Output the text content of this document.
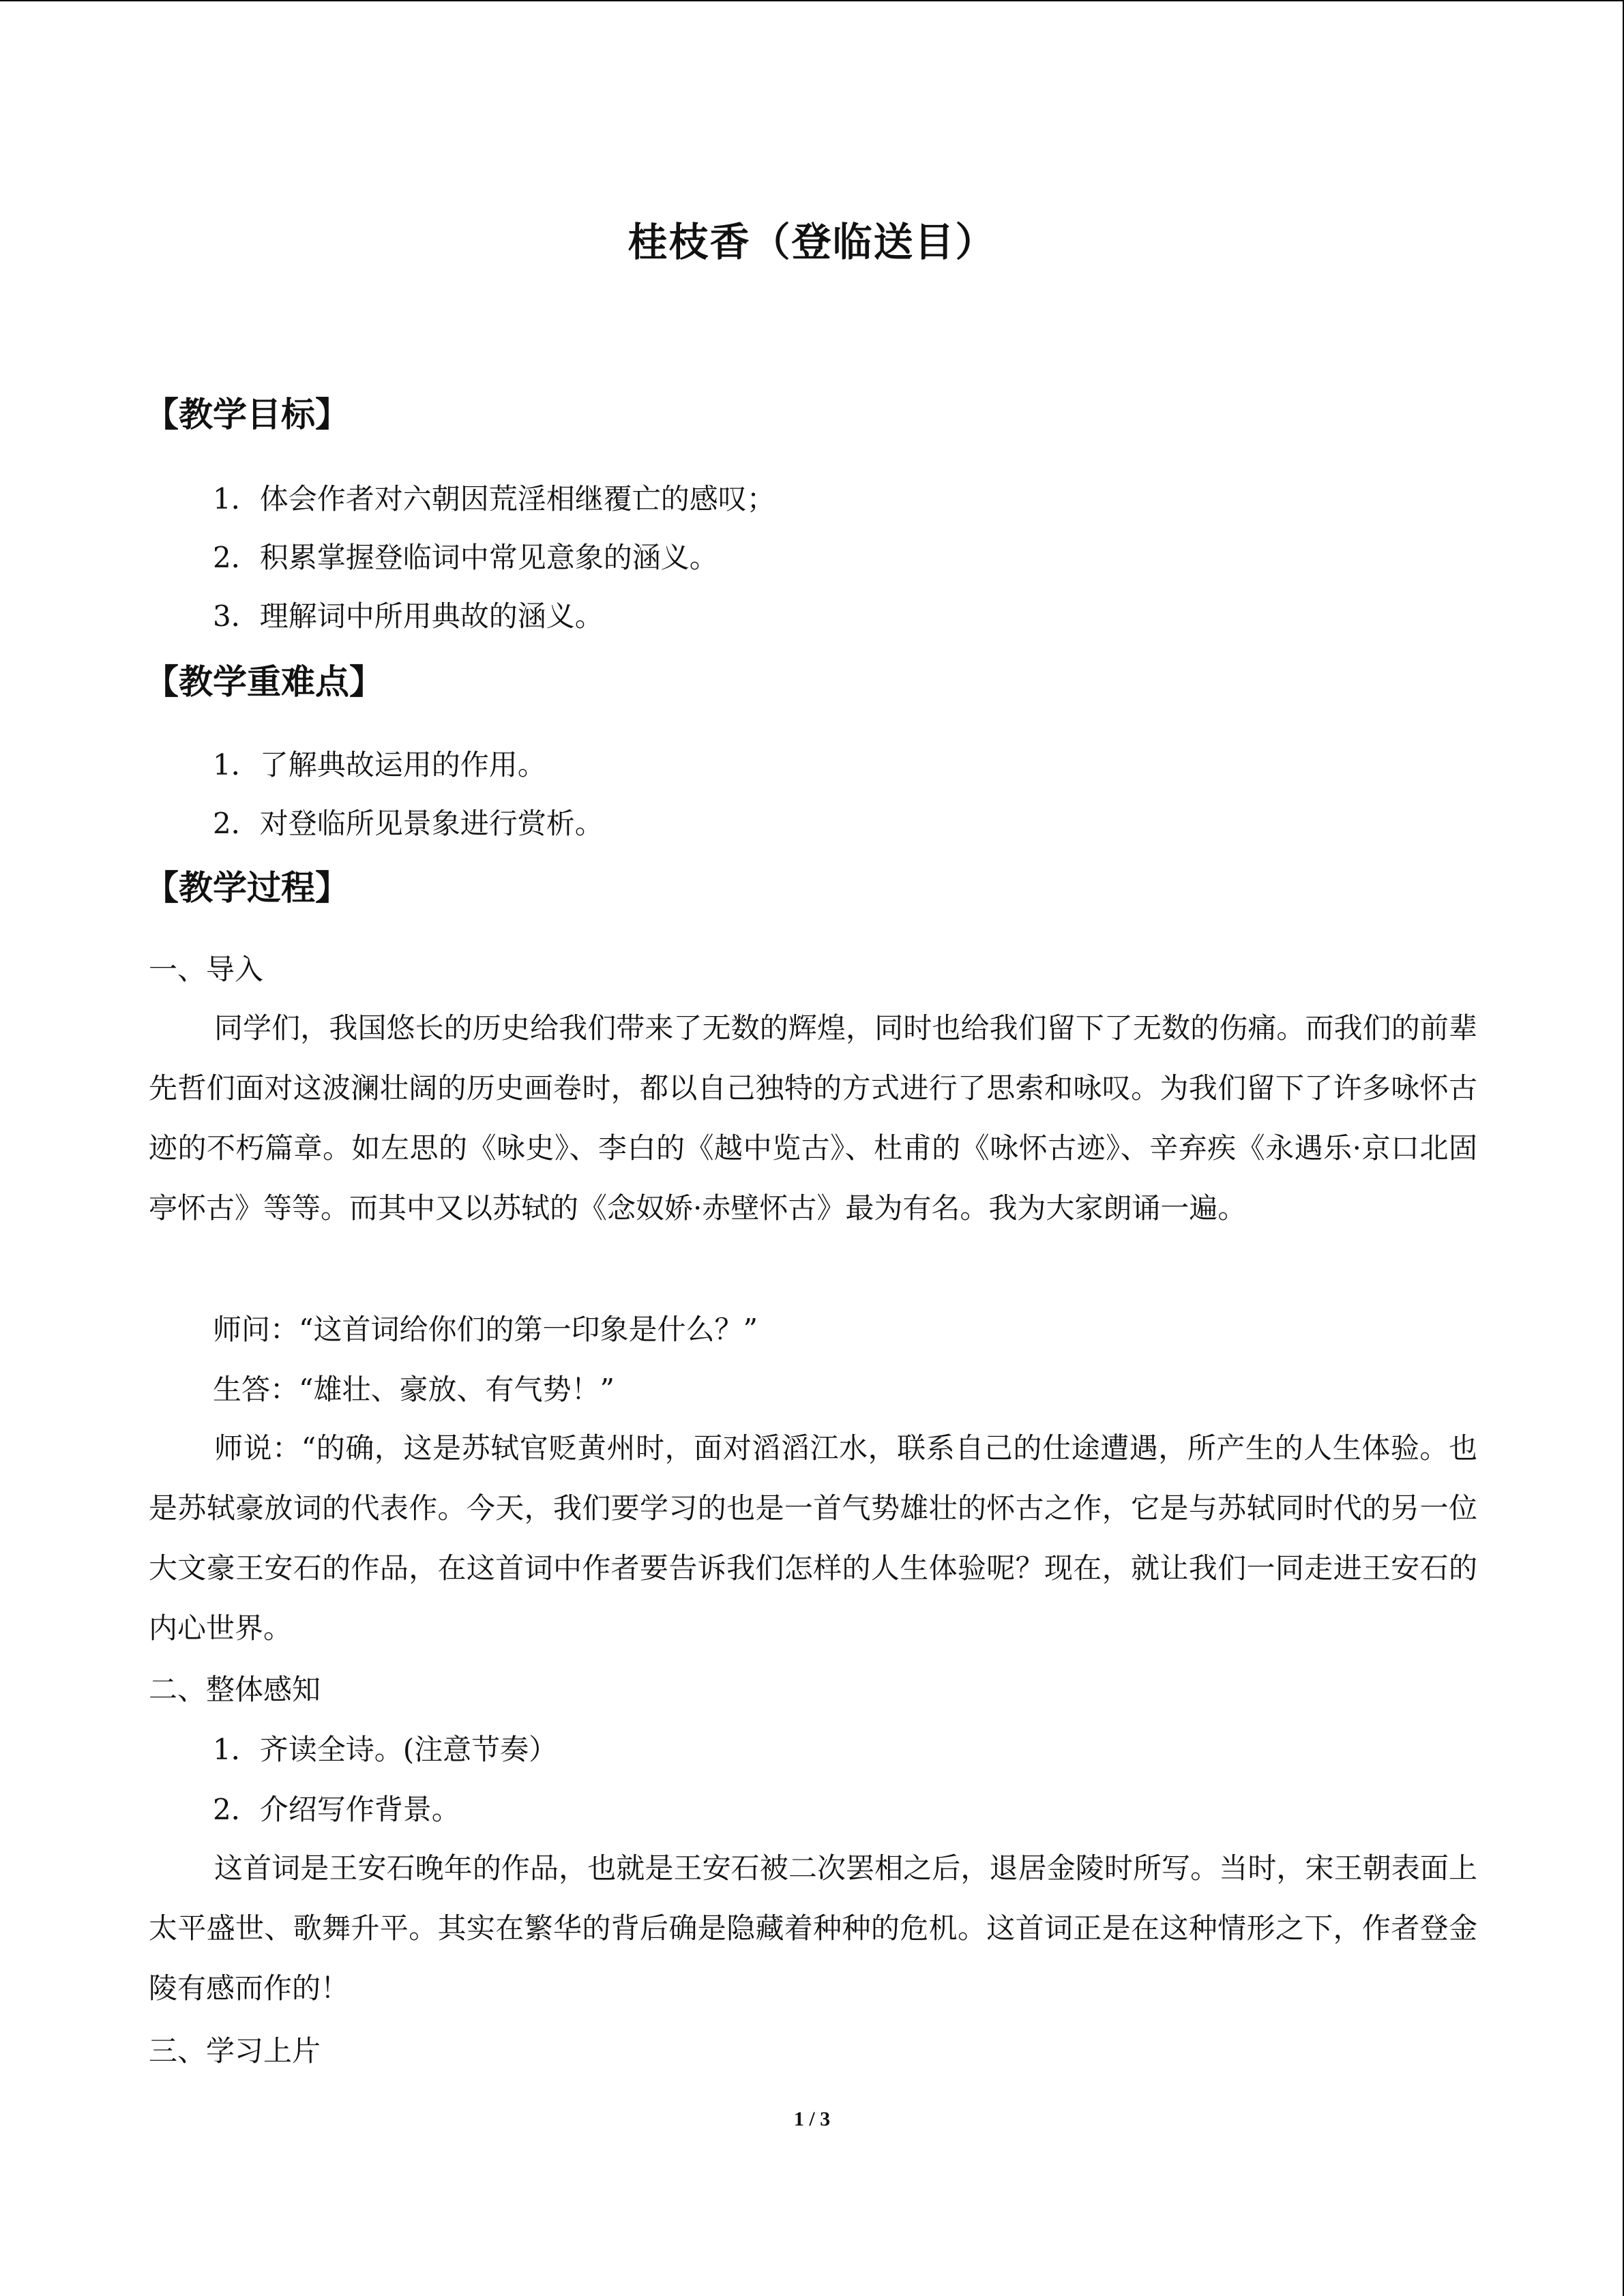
桂枝香（登临送目）
【教学目标】

1．体会作者对六朝因荒淫相继覆亡的感叹；

2．积累掌握登临词中常见意象的涵义。

3．理解词中所用典故的涵义。

【教学重难点】

1．了解典故运用的作用。

2．对登临所见景象进行赏析。

【教学过程】

一、导入

同学们，我国悠长的历史给我们带来了无数的辉煌，同时也给我们留下了无数的伤痛。而我们的前辈先哲们面对这波澜壮阔的历史画卷时，都以自己独特的方式进行了思索和咏叹。为我们留下了许多咏怀古迹的不朽篇章。如左思的《咏史》、李白的《越中览古》、杜甫的《咏怀古迹》、辛弃疾《永遇乐·京口北固亭怀古》等等。而其中又以苏轼的《念奴娇·赤壁怀古》最为有名。我为大家朗诵一遍。

师问：“这首词给你们的第一印象是什么？”

生答：“雄壮、豪放、有气势！”

师说：“的确，这是苏轼官贬黄州时，面对滔滔江水，联系自己的仕途遭遇，所产生的人生体验。也是苏轼豪放词的代表作。今天，我们要学习的也是一首气势雄壮的怀古之作，它是与苏轼同时代的另一位大文豪王安石的作品，在这首词中作者要告诉我们怎样的人生体验呢？现在，就让我们一同走进王安石的内心世界。

二、整体感知

1．齐读全诗。(注意节奏）

2．介绍写作背景。

这首词是王安石晚年的作品，也就是王安石被二次罢相之后，退居金陵时所写。当时，宋王朝表面上太平盛世、歌舞升平。其实在繁华的背后确是隐藏着种种的危机。这首词正是在这种情形之下，作者登金陵有感而作的！

三、学习上片

1 / 3
